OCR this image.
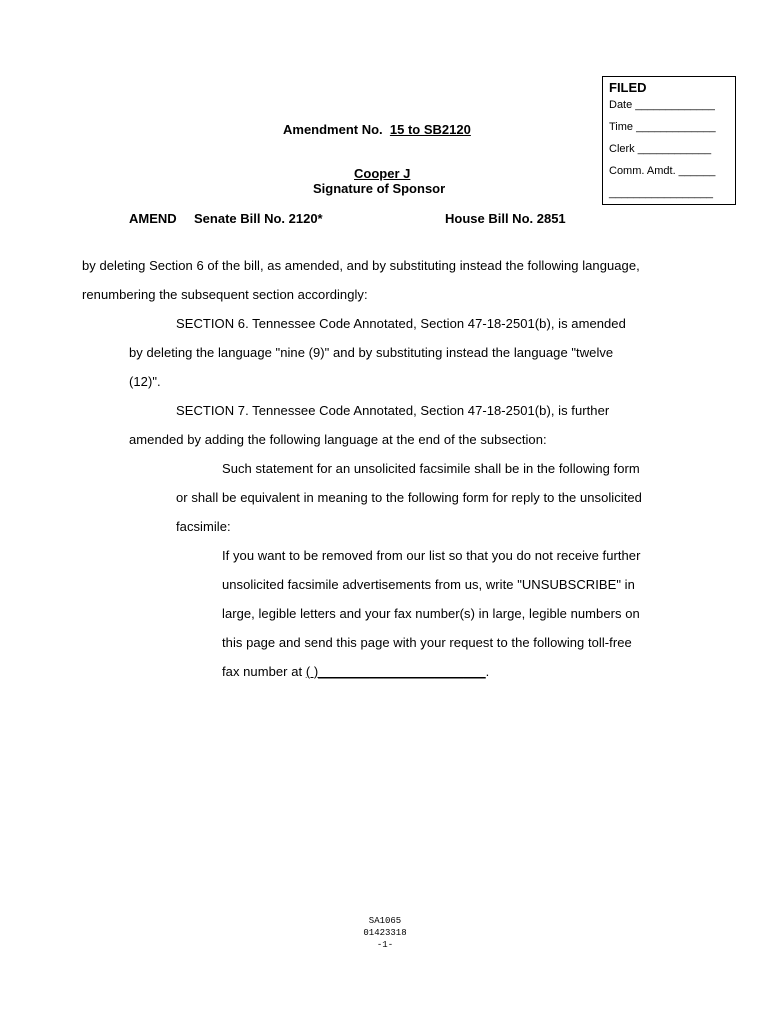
FILED
Date _____________
Time _____________
Clerk ____________
Comm. Amdt. ______
_________________
Amendment No. 15 to SB2120
Cooper J
Signature of Sponsor
AMEND Senate Bill No. 2120*	House Bill No. 2851
by deleting Section 6 of the bill, as amended, and by substituting instead the following language,
renumbering the subsequent section accordingly:
SECTION 6. Tennessee Code Annotated, Section 47-18-2501(b), is amended
by deleting the language "nine (9)" and by substituting instead the language "twelve
(12)".
SECTION 7. Tennessee Code Annotated, Section 47-18-2501(b), is further
amended by adding the following language at the end of the subsection:
Such statement for an unsolicited facsimile shall be in the following form
or shall be equivalent in meaning to the following form for reply to the unsolicited
facsimile:
If you want to be removed from our list so that you do not receive further
unsolicited facsimile advertisements from us, write "UNSUBSCRIBE" in
large, legible letters and your fax number(s) in large, legible numbers on
this page and send this page with your request to the following toll-free
fax number at ( )_______________________.
SA1065
01423318
-1-
